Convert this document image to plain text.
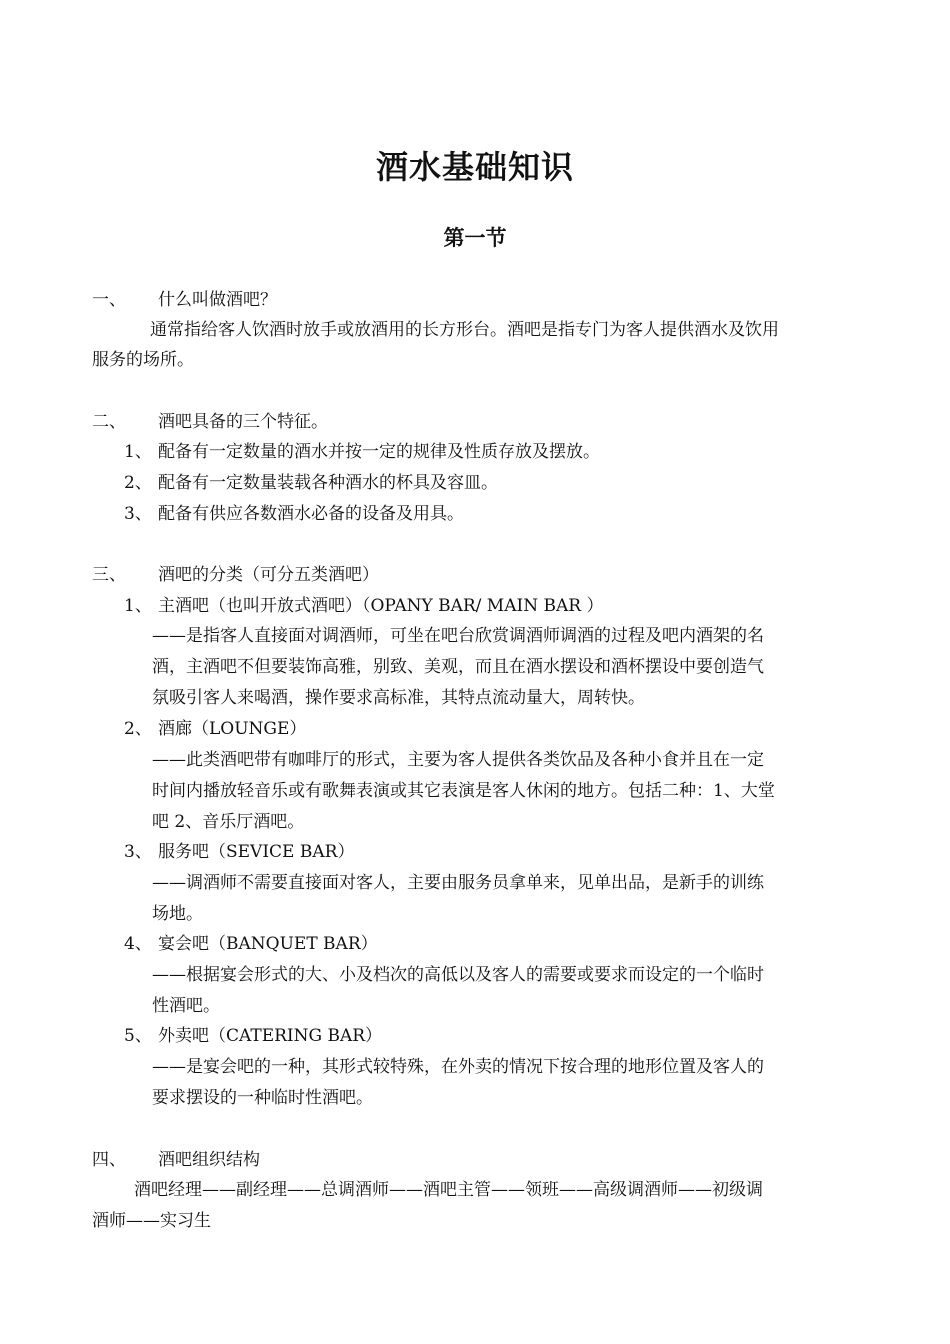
酒水基础知识
第一节
一、 什么叫做酒吧？
通常指给客人饮酒时放手或放酒用的长方形台。酒吧是指专门为客人提供酒水及饮用
服务的场所。
二、 酒吧具备的三个特征。
1、 配备有一定数量的酒水并按一定的规律及性质存放及摆放。
2、 配备有一定数量装载各种酒水的杯具及容皿。
3、 配备有供应各数酒水必备的设备及用具。
三、 酒吧的分类（可分五类酒吧）
1、 主酒吧（也叫开放式酒吧）（OPANY BAR/ MAIN BAR ）
——是指客人直接面对调酒师，可坐在吧台欣赏调酒师调酒的过程及吧内酒架的名
酒，主酒吧不但要装饰高雅，别致、美观，而且在酒水摆设和酒杯摆设中要创造气
氛吸引客人来喝酒，操作要求高标准，其特点流动量大，周转快。
2、 酒廊（LOUNGE）
——此类酒吧带有咖啡厅的形式，主要为客人提供各类饮品及各种小食并且在一定
时间内播放轻音乐或有歌舞表演或其它表演是客人休闲的地方。包括二种：1、大堂
吧 2、音乐厅酒吧。
3、 服务吧（SEVICE BAR）
——调酒师不需要直接面对客人，主要由服务员拿单来，见单出品，是新手的训练
场地。
4、 宴会吧（BANQUET BAR）
——根据宴会形式的大、小及档次的高低以及客人的需要或要求而设定的一个临时
性酒吧。
5、 外卖吧（CATERING BAR）
——是宴会吧的一种，其形式较特殊，在外卖的情况下按合理的地形位置及客人的
要求摆设的一种临时性酒吧。
四、 酒吧组织结构
酒吧经理——副经理——总调酒师——酒吧主管——领班——高级调酒师——初级调
酒师——实习生
